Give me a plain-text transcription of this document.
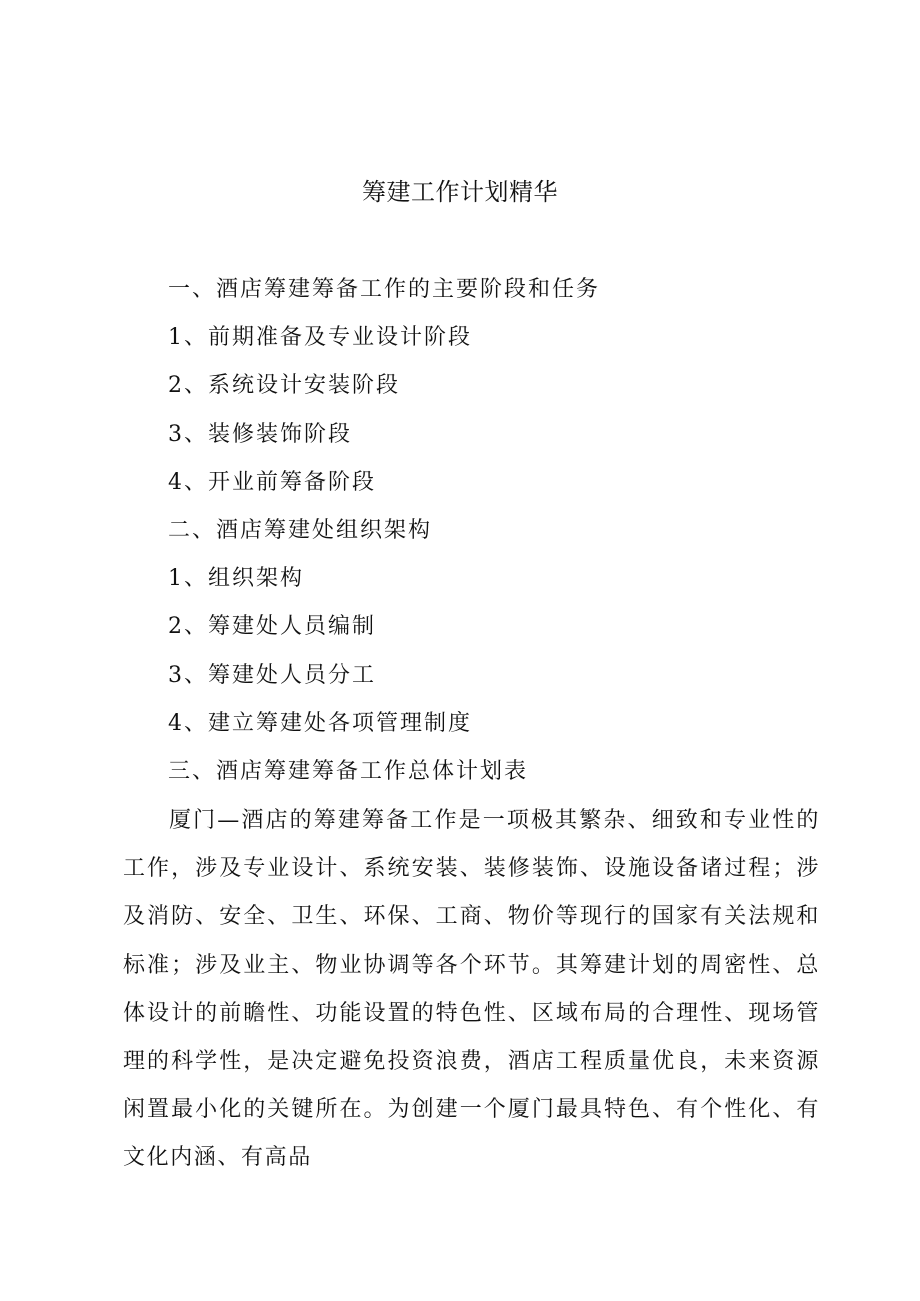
筹建工作计划精华
一、酒店筹建筹备工作的主要阶段和任务
1、前期准备及专业设计阶段
2、系统设计安装阶段
3、装修装饰阶段
4、开业前筹备阶段
二、酒店筹建处组织架构
1、组织架构
2、筹建处人员编制
3、筹建处人员分工
4、建立筹建处各项管理制度
三、酒店筹建筹备工作总体计划表

厦门—酒店的筹建筹备工作是一项极其繁杂、细致和专业性的工作，涉及专业设计、系统安装、装修装饰、设施设备诸过程；涉及消防、安全、卫生、环保、工商、物价等现行的国家有关法规和标准；涉及业主、物业协调等各个环节。其筹建计划的周密性、总体设计的前瞻性、功能设置的特色性、区域布局的合理性、现场管理的科学性，是决定避免投资浪费，酒店工程质量优良，未来资源闲置最小化的关键所在。为创建一个厦门最具特色、有个性化、有文化内涵、有高品
